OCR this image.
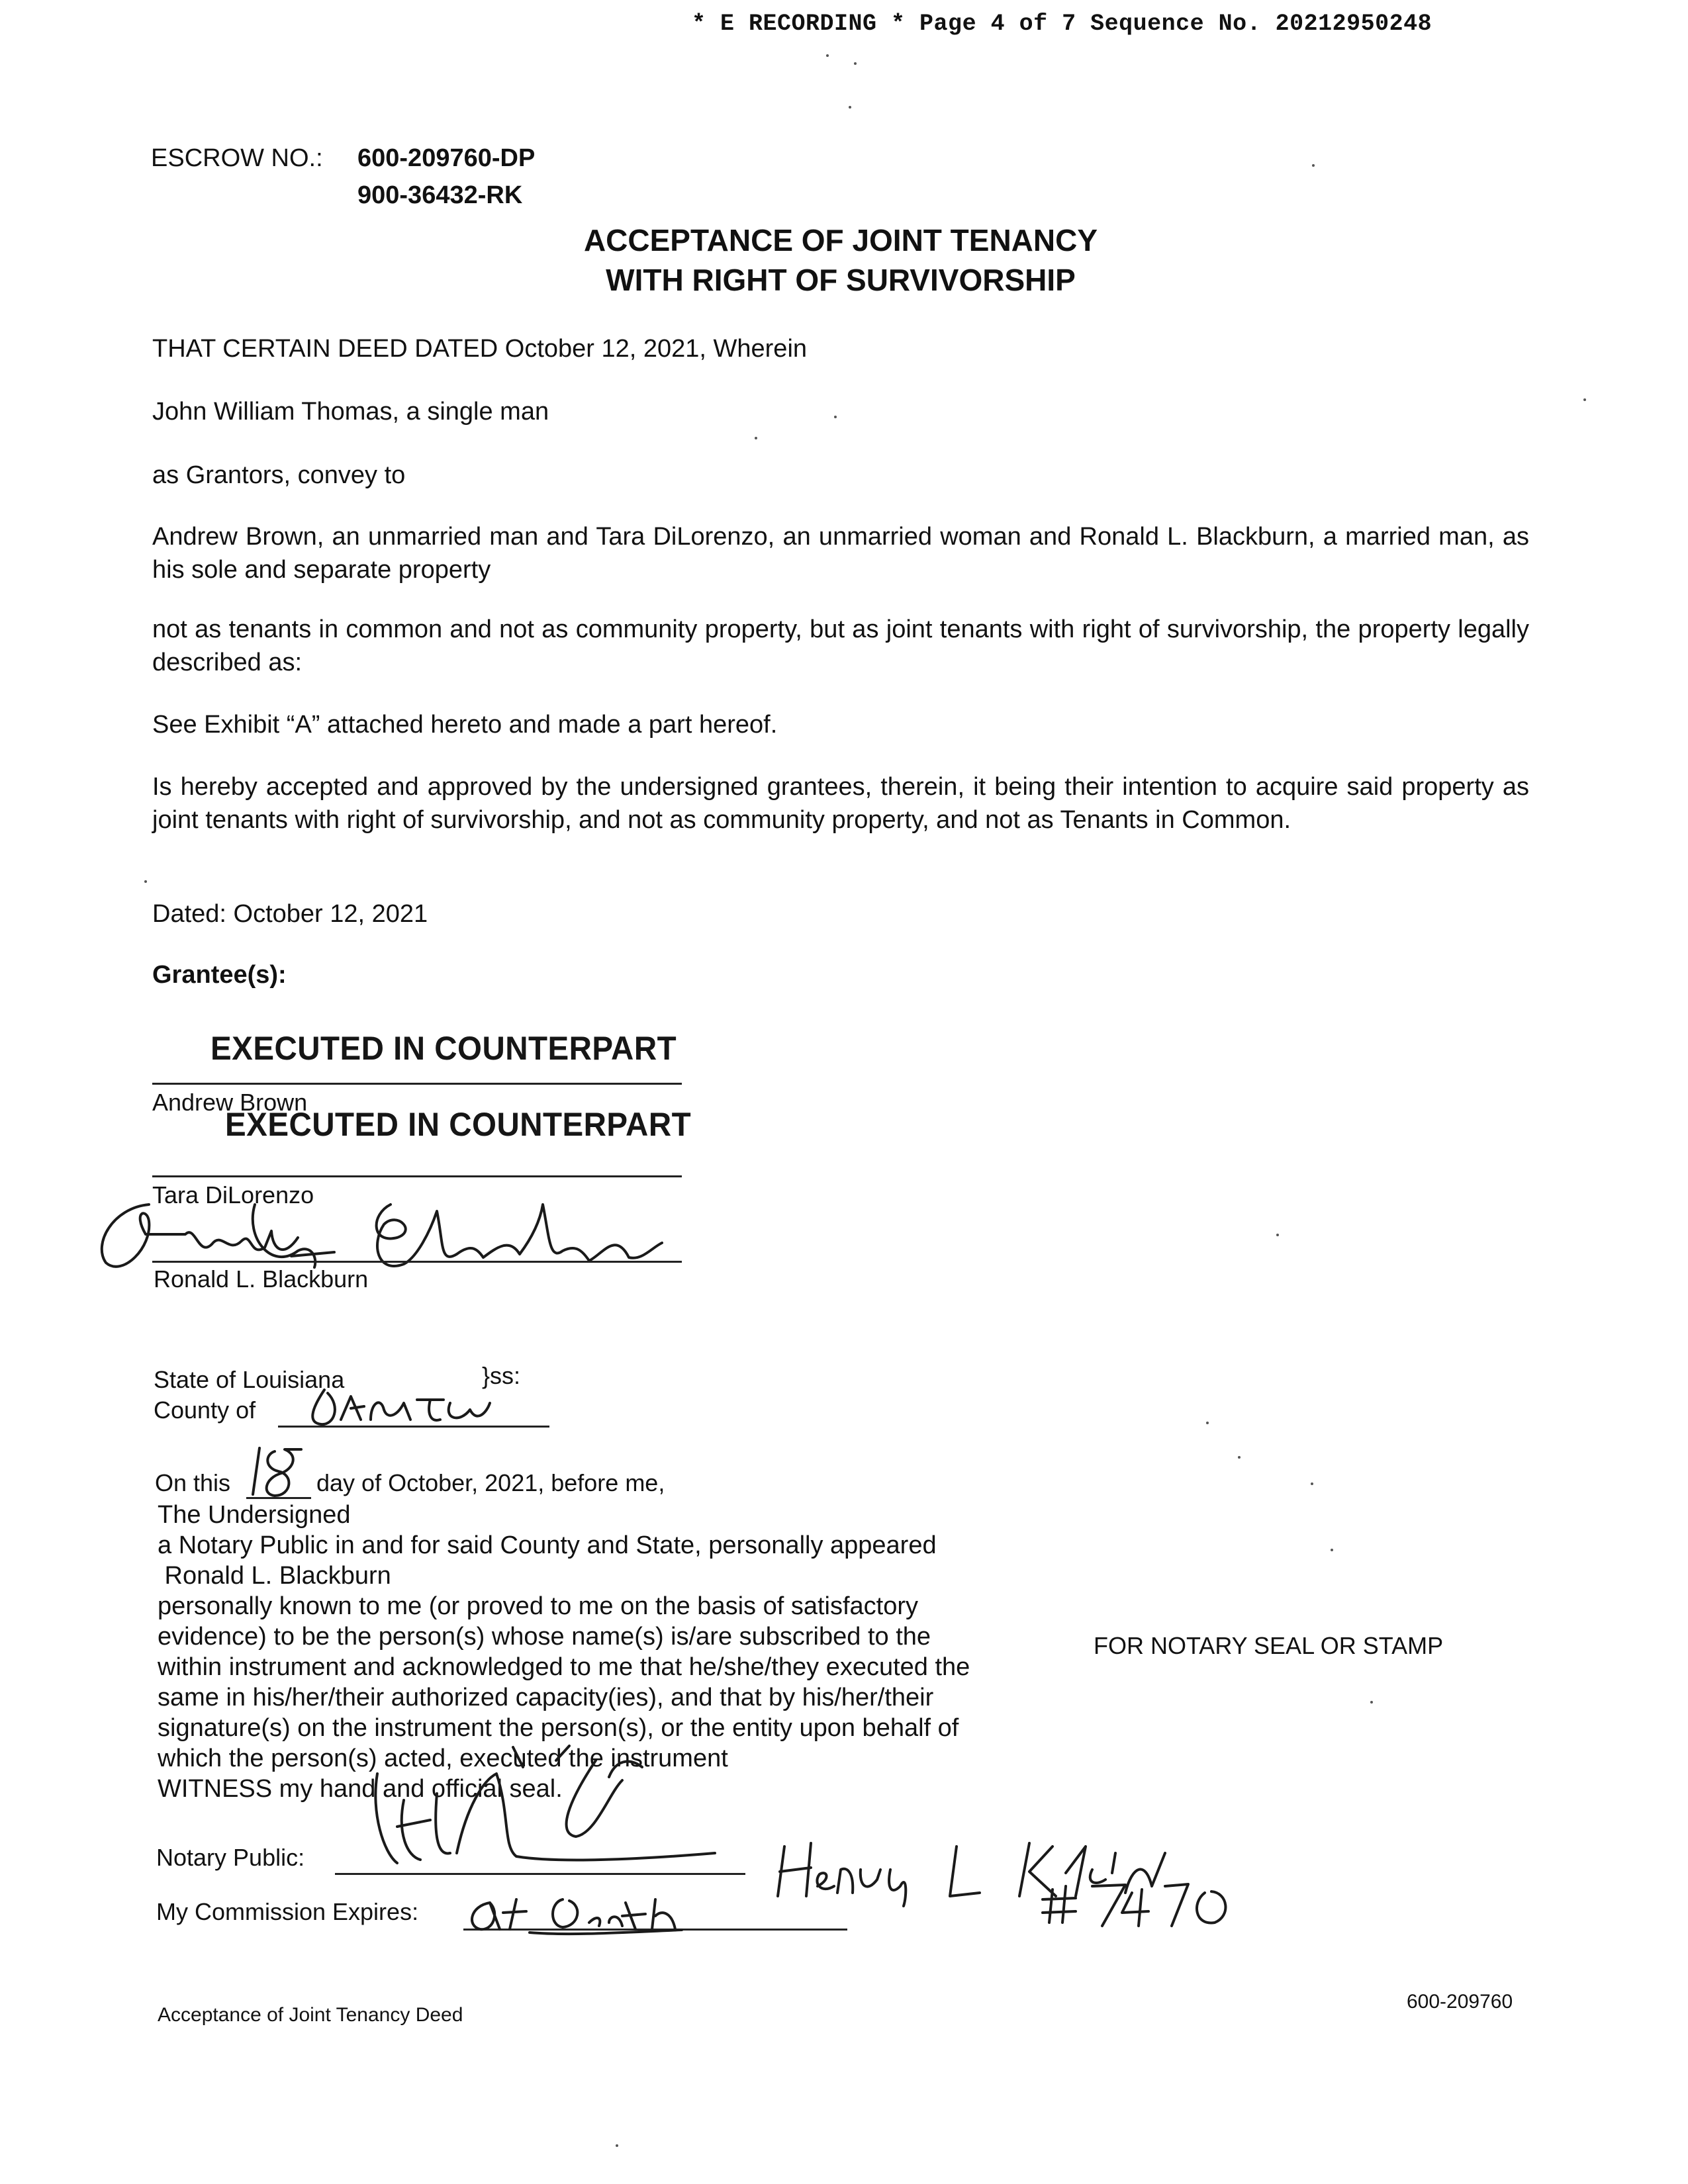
* E RECORDING * Page 4 of 7 Sequence No. 20212950248
ESCROW NO.: 600-209760-DP
900-36432-RK
ACCEPTANCE OF JOINT TENANCY
WITH RIGHT OF SURVIVORSHIP
THAT CERTAIN DEED DATED October 12, 2021, Wherein
John William Thomas, a single man
as Grantors, convey to
Andrew Brown, an unmarried man and Tara DiLorenzo, an unmarried woman and Ronald L. Blackburn, a married man, as his sole and separate property
not as tenants in common and not as community property, but as joint tenants with right of survivorship, the property legally described as:
See Exhibit “A” attached hereto and made a part hereof.
Is hereby accepted and approved by the undersigned grantees, therein, it being their intention to acquire said property as joint tenants with right of survivorship, and not as community property, and not as Tenants in Common.
Dated: October 12, 2021
Grantee(s):
EXECUTED IN COUNTERPART
Andrew Brown
EXECUTED IN COUNTERPART
Tara DiLorenzo
Ronald L. Blackburn
State of Louisiana	}ss:
County of
On this	day of October, 2021, before me,
The Undersigned
a Notary Public in and for said County and State, personally appeared
Ronald L. Blackburn
personally known to me (or proved to me on the basis of satisfactory
evidence) to be the person(s) whose name(s) is/are subscribed to the
within instrument and acknowledged to me that he/she/they executed the
same in his/her/their authorized capacity(ies), and that by his/her/their
signature(s) on the instrument the person(s), or the entity upon behalf of
which the person(s) acted, executed the instrument
WITNESS my hand and official seal.
FOR NOTARY SEAL OR STAMP
Notary Public:
My Commission Expires:
Acceptance of Joint Tenancy Deed
600-209760
